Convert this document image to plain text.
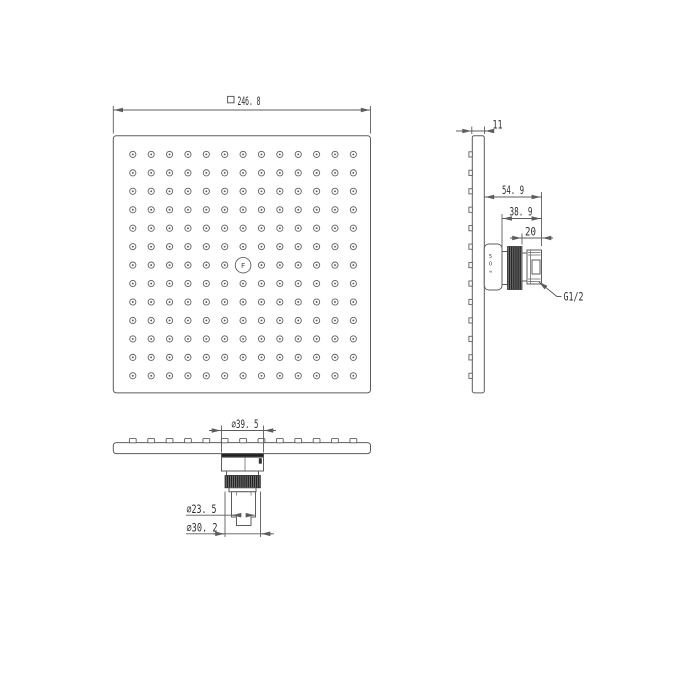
F
246. 8
5
O
≈
11
54. 9
38. 9
20
G1/2
∅39. 5
∅23. 5
∅30. 2
